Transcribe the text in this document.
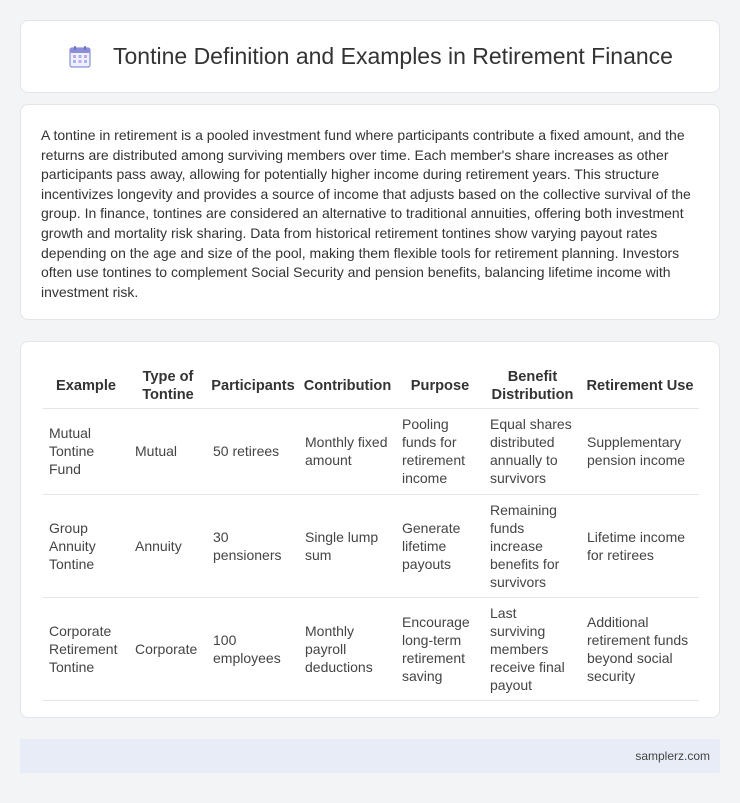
Tontine Definition and Examples in Retirement Finance

A tontine in retirement is a pooled investment fund where participants contribute a fixed amount, and the returns are distributed among surviving members over time. Each member's share increases as other participants pass away, allowing for potentially higher income during retirement years. This structure incentivizes longevity and provides a source of income that adjusts based on the collective survival of the group. In finance, tontines are considered an alternative to traditional annuities, offering both investment growth and mortality risk sharing. Data from historical retirement tontines show varying payout rates depending on the age and size of the pool, making them flexible tools for retirement planning. Investors often use tontines to complement Social Security and pension benefits, balancing lifetime income with investment risk.

Example	Type of Tontine	Participants	Contribution	Purpose	Benefit Distribution	Retirement Use
Mutual Tontine Fund	Mutual	50 retirees	Monthly fixed amount	Pooling funds for retirement income	Equal shares distributed annually to survivors	Supplementary pension income
Group Annuity Tontine	Annuity	30 pensioners	Single lump sum	Generate lifetime payouts	Remaining funds increase benefits for survivors	Lifetime income for retirees
Corporate Retirement Tontine	Corporate	100 employees	Monthly payroll deductions	Encourage long-term retirement saving	Last surviving members receive final payout	Additional retirement funds beyond social security
samplerz.com
